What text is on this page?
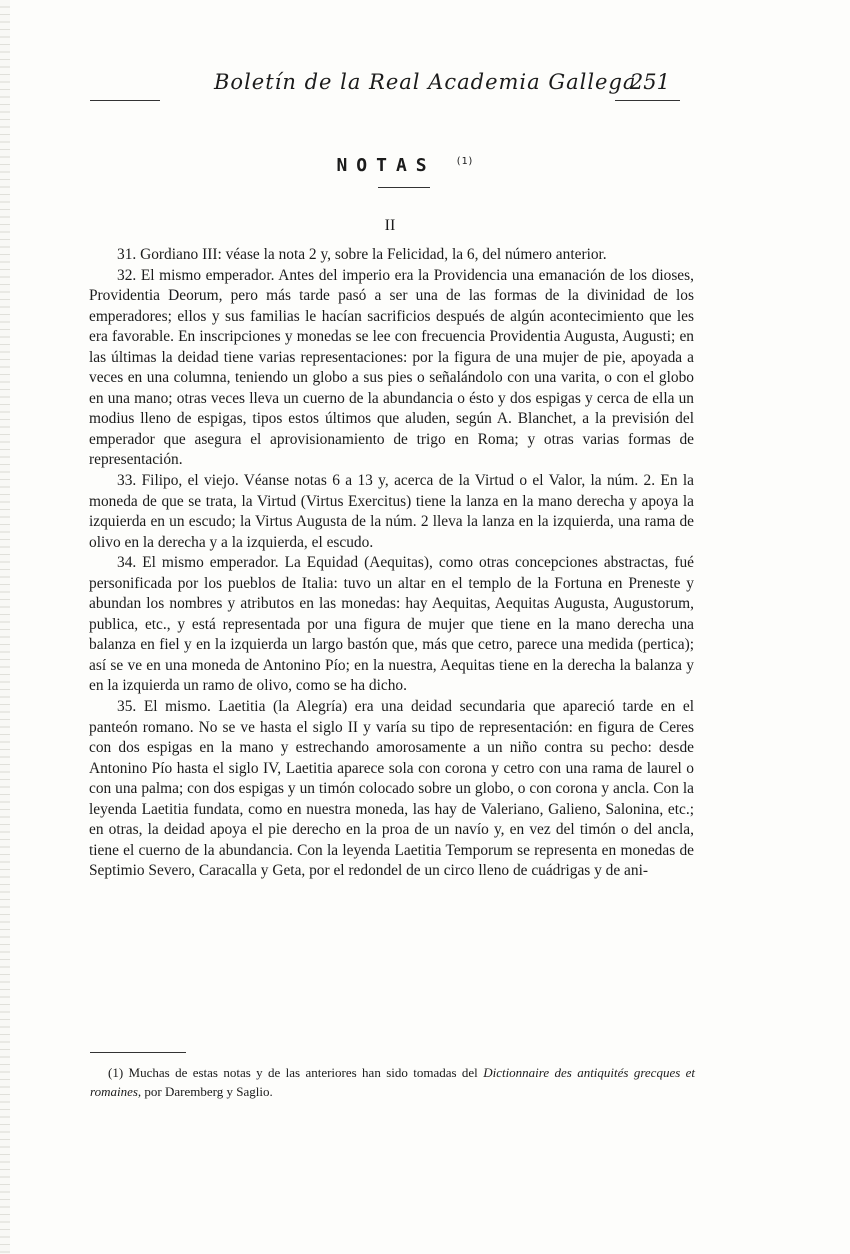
Boletín de la Real Academia Gallega
251
NOTAS $^{(1)}$
II

31. Gordiano III: véase la nota 2 y, sobre la Felicidad, la 6, del número anterior.

32. El mismo emperador. Antes del imperio era la Providencia una emanación de los dioses, Providentia Deorum, pero más tarde pasó a ser una de las formas de la divinidad de los emperadores; ellos y sus familias le hacían sacrificios después de algún acontecimiento que les era favorable. En inscripciones y monedas se lee con frecuencia Providentia Augusta, Augusti; en las últimas la deidad tiene varias representaciones: por la figura de una mujer de pie, apoyada a veces en una columna, teniendo un globo a sus pies o señalándolo con una varita, o con el globo en una mano; otras veces lleva un cuerno de la abundancia o ésto y dos espigas y cerca de ella un modius lleno de espigas, tipos estos últimos que aluden, según A. Blanchet, a la previsión del emperador que asegura el aprovisionamiento de trigo en Roma; y otras varias formas de representación.

33. Filipo, el viejo. Véanse notas 6 a 13 y, acerca de la Virtud o el Valor, la núm. 2. En la moneda de que se trata, la Virtud (Virtus Exercitus) tiene la lanza en la mano derecha y apoya la izquierda en un escudo; la Virtus Augusta de la núm. 2 lleva la lanza en la izquierda, una rama de olivo en la derecha y a la izquierda, el escudo.

34. El mismo emperador. La Equidad (Aequitas), como otras concepciones abstractas, fué personificada por los pueblos de Italia: tuvo un altar en el templo de la Fortuna en Preneste y abundan los nombres y atributos en las monedas: hay Aequitas, Aequitas Augusta, Augustorum, publica, etc., y está representada por una figura de mujer que tiene en la mano derecha una balanza en fiel y en la izquierda un largo bastón que, más que cetro, parece una medida (pertica); así se ve en una moneda de Antonino Pío; en la nuestra, Aequitas tiene en la derecha la balanza y en la izquierda un ramo de olivo, como se ha dicho.

35. El mismo. Laetitia (la Alegría) era una deidad secundaria que apareció tarde en el panteón romano. No se ve hasta el siglo II y varía su tipo de representación: en figura de Ceres con dos espigas en la mano y estrechando amorosamente a un niño contra su pecho: desde Antonino Pío hasta el siglo IV, Laetitia aparece sola con corona y cetro con una rama de laurel o con una palma; con dos espigas y un timón colocado sobre un globo, o con corona y ancla. Con la leyenda Laetitia fundata, como en nuestra moneda, las hay de Valeriano, Galieno, Salonina, etc.; en otras, la deidad apoya el pie derecho en la proa de un navío y, en vez del timón o del ancla, tiene el cuerno de la abundancia. Con la leyenda Laetitia Temporum se representa en monedas de Septimio Severo, Caracalla y Geta, por el redondel de un circo lleno de cuádrigas y de ani-

(1) Muchas de estas notas y de las anteriores han sido tomadas del Dictionnaire des antiquités grecques et romaines, por Daremberg y Saglio.
